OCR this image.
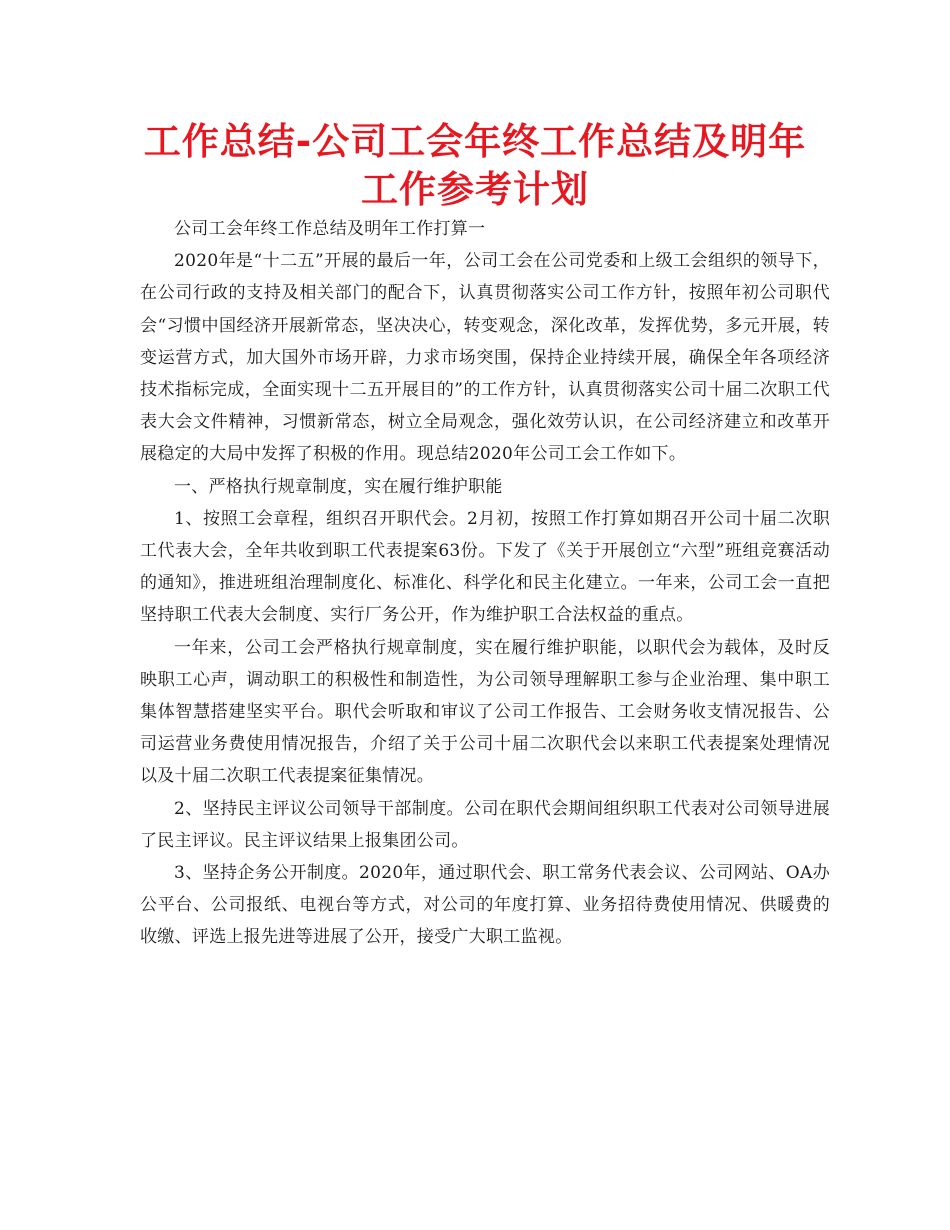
工作总结-公司工会年终工作总结及明年工作参考计划

公司工会年终工作总结及明年工作打算一

2020年是“十二五”开展的最后一年，公司工会在公司党委和上级工会组织的领导下，在公司行政的支持及相关部门的配合下，认真贯彻落实公司工作方针，按照年初公司职代会“习惯中国经济开展新常态，坚决决心，转变观念，深化改革，发挥优势，多元开展，转变运营方式，加大国外市场开辟，力求市场突围，保持企业持续开展，确保全年各项经济技术指标完成，全面实现十二五开展目的”的工作方针，认真贯彻落实公司十届二次职工代表大会文件精神，习惯新常态，树立全局观念，强化效劳认识，在公司经济建立和改革开展稳定的大局中发挥了积极的作用。现总结2020年公司工会工作如下。

一、严格执行规章制度，实在履行维护职能

1、按照工会章程，组织召开职代会。2月初，按照工作打算如期召开公司十届二次职工代表大会，全年共收到职工代表提案63份。下发了《关于开展创立“六型”班组竞赛活动的通知》，推进班组治理制度化、标准化、科学化和民主化建立。一年来，公司工会一直把坚持职工代表大会制度、实行厂务公开，作为维护职工合法权益的重点。

一年来，公司工会严格执行规章制度，实在履行维护职能，以职代会为载体，及时反映职工心声，调动职工的积极性和制造性，为公司领导理解职工参与企业治理、集中职工集体智慧搭建坚实平台。职代会听取和审议了公司工作报告、工会财务收支情况报告、公司运营业务费使用情况报告，介绍了关于公司十届二次职代会以来职工代表提案处理情况以及十届二次职工代表提案征集情况。

2、坚持民主评议公司领导干部制度。公司在职代会期间组织职工代表对公司领导进展了民主评议。民主评议结果上报集团公司。

3、坚持企务公开制度。2020年，通过职代会、职工常务代表会议、公司网站、OA办公平台、公司报纸、电视台等方式，对公司的年度打算、业务招待费使用情况、供暖费的收缴、评选上报先进等进展了公开，接受广大职工监视。
